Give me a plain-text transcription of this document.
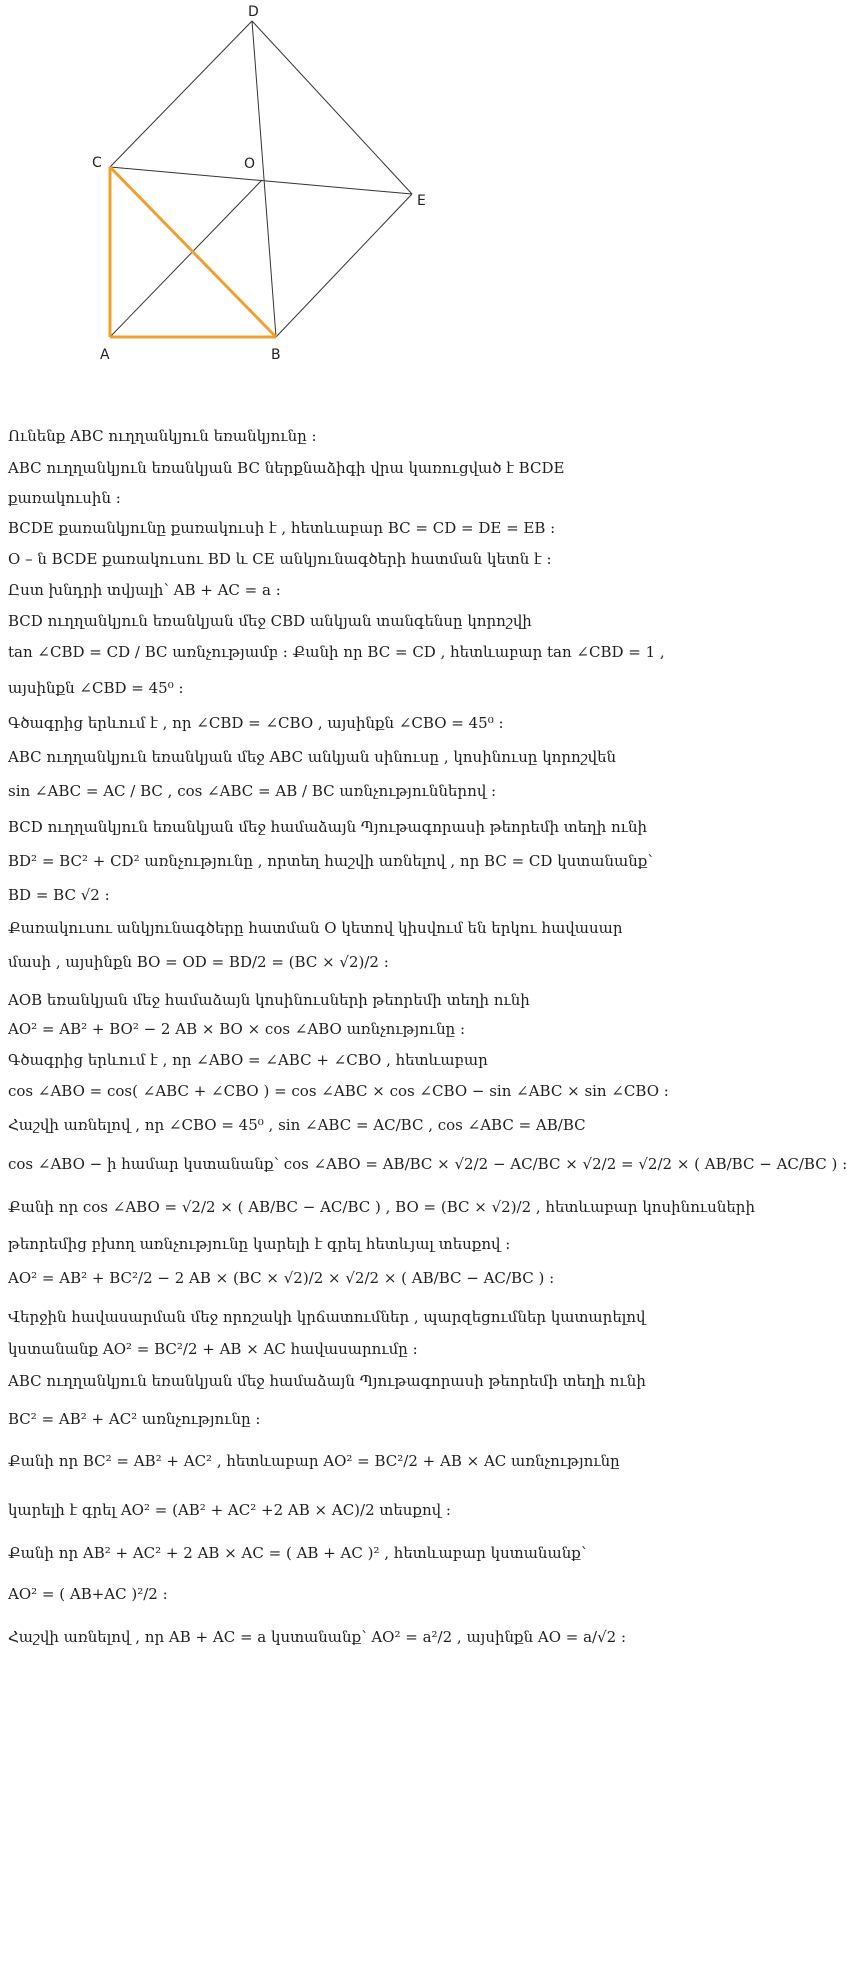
D
C	O
E
A	B
Ունենք ABC ուղղանկյուն եռանկյունը :
ABC ուղղանկյուն եռանկյան BC ներքնաձիգի վրա կառուցված է BCDE
քառակուսին :
BCDE քառանկյունը քառակուսի է , հետևաբար BC = CD = DE = EB :
O – ն BCDE քառակուսու BD և CE անկյունագծերի հատման կետն է :
Ըստ խնդրի տվյալի՝ AB + AC = a :
BCD ուղղանկյուն եռանկյան մեջ CBD անկյան տանգենսը կորոշվի
tan ∠CBD = CD / BC առնչությամբ : Քանի որ BC = CD , հետևաբար tan ∠CBD = 1 ,
այսինքն ∠CBD = 45⁰ :
Գծագրից երևում է , որ ∠CBD = ∠CBO , այսինքն ∠CBO = 45⁰ :
ABC ուղղանկյուն եռանկյան մեջ ABC անկյան սինուսը , կոսինուսը կորոշվեն
sin ∠ABC = AC / BC , cos ∠ABC = AB / BC առնչություններով :
BCD ուղղանկյուն եռանկյան մեջ համաձայն Պյութագորասի թեորեմի տեղի ունի
BD² = BC² + CD² առնչությունը , որտեղ հաշվի առնելով , որ BC = CD կստանանք՝
BD = BC √2 :
Քառակուսու անկյունագծերը հատման O կետով կիսվում են երկու հավասար
մասի , այսինքն BO = OD = BD/2 = (BC × √2)/2 :
AOB եռանկյան մեջ համաձայն կոսինուսների թեորեմի տեղի ունի
AO² = AB² + BO² − 2 AB × BO × cos ∠ABO առնչությունը :
Գծագրից երևում է , որ ∠ABO = ∠ABC + ∠CBO , հետևաբար
cos ∠ABO = cos( ∠ABC + ∠CBO ) = cos ∠ABC × cos ∠CBO − sin ∠ABC × sin ∠CBO :
Հաշվի առնելով , որ ∠CBO = 45⁰ , sin ∠ABC = AC/BC , cos ∠ABC = AB/BC
cos ∠ABO − ի համար կստանանք՝ cos ∠ABO = AB/BC × √2/2 − AC/BC × √2/2 = √2/2 × ( AB/BC − AC/BC ) :
Քանի որ cos ∠ABO = √2/2 × ( AB/BC − AC/BC ) , BO = (BC × √2)/2 , հետևաբար կոսինուսների
թեորեմից բխող առնչությունը կարելի է գրել հետևյալ տեսքով :
AO² = AB² + BC²/2 − 2 AB × (BC × √2)/2 × √2/2 × ( AB/BC − AC/BC ) :
Վերջին հավասարման մեջ որոշակի կրճատումներ , պարզեցումներ կատարելով
կստանանք AO² = BC²/2 + AB × AC հավասարումը :
ABC ուղղանկյուն եռանկյան մեջ համաձայն Պյութագորասի թեորեմի տեղի ունի
BC² = AB² + AC² առնչությունը :
Քանի որ BC² = AB² + AC² , հետևաբար AO² = BC²/2 + AB × AC առնչությունը
կարելի է գրել AO² = (AB² + AC² +2 AB × AC)/2 տեսքով :
Քանի որ AB² + AC² + 2 AB × AC = ( AB + AC )² , հետևաբար կստանանք՝
AO² = ( AB+AC )²/2 :
Հաշվի առնելով , որ AB + AC = a կստանանք՝ AO² = a²/2 , այսինքն AO = a/√2 :
